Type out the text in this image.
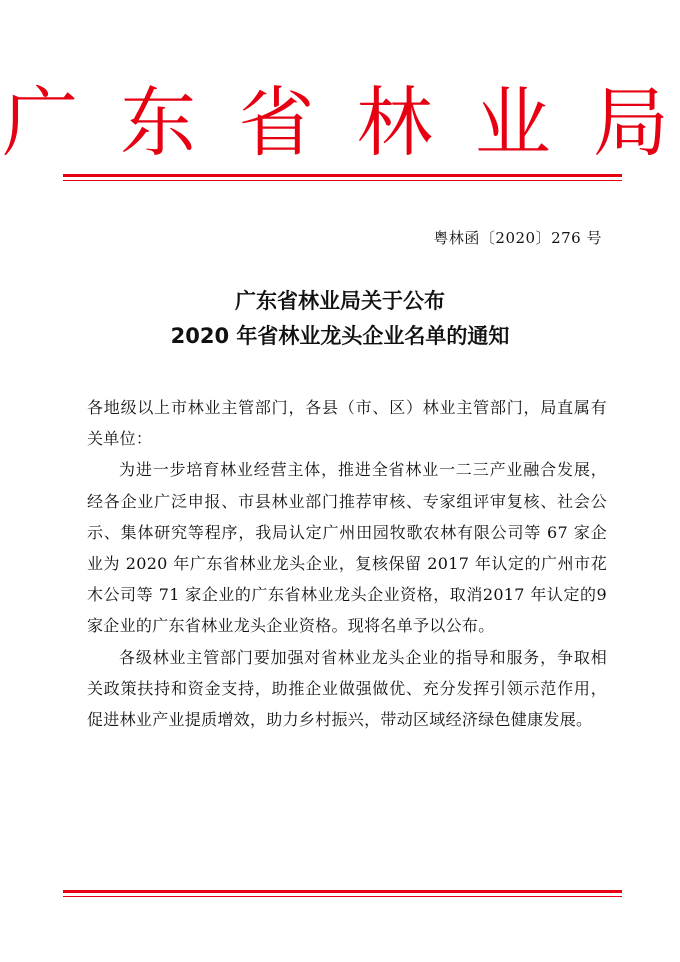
广 东 省 林 业 局
粤林函〔2020〕276 号
广东省林业局关于公布
2020 年省林业龙头企业名单的通知

各地级以上市林业主管部门，各县（市、区）林业主管部门，局直属有关单位：

为进一步培育林业经营主体，推进全省林业一二三产业融合发展，经各企业广泛申报、市县林业部门推荐审核、专家组评审复核、社会公示、集体研究等程序，我局认定广州田园牧歌农林有限公司等 67 家企业为 2020 年广东省林业龙头企业，复核保留 2017 年认定的广州市花木公司等 71 家企业的广东省林业龙头企业资格，取消2017 年认定的9家企业的广东省林业龙头企业资格。现将名单予以公布。

各级林业主管部门要加强对省林业龙头企业的指导和服务，争取相关政策扶持和资金支持，助推企业做强做优、充分发挥引领示范作用，促进林业产业提质增效，助力乡村振兴，带动区域经济绿色健康发展。
